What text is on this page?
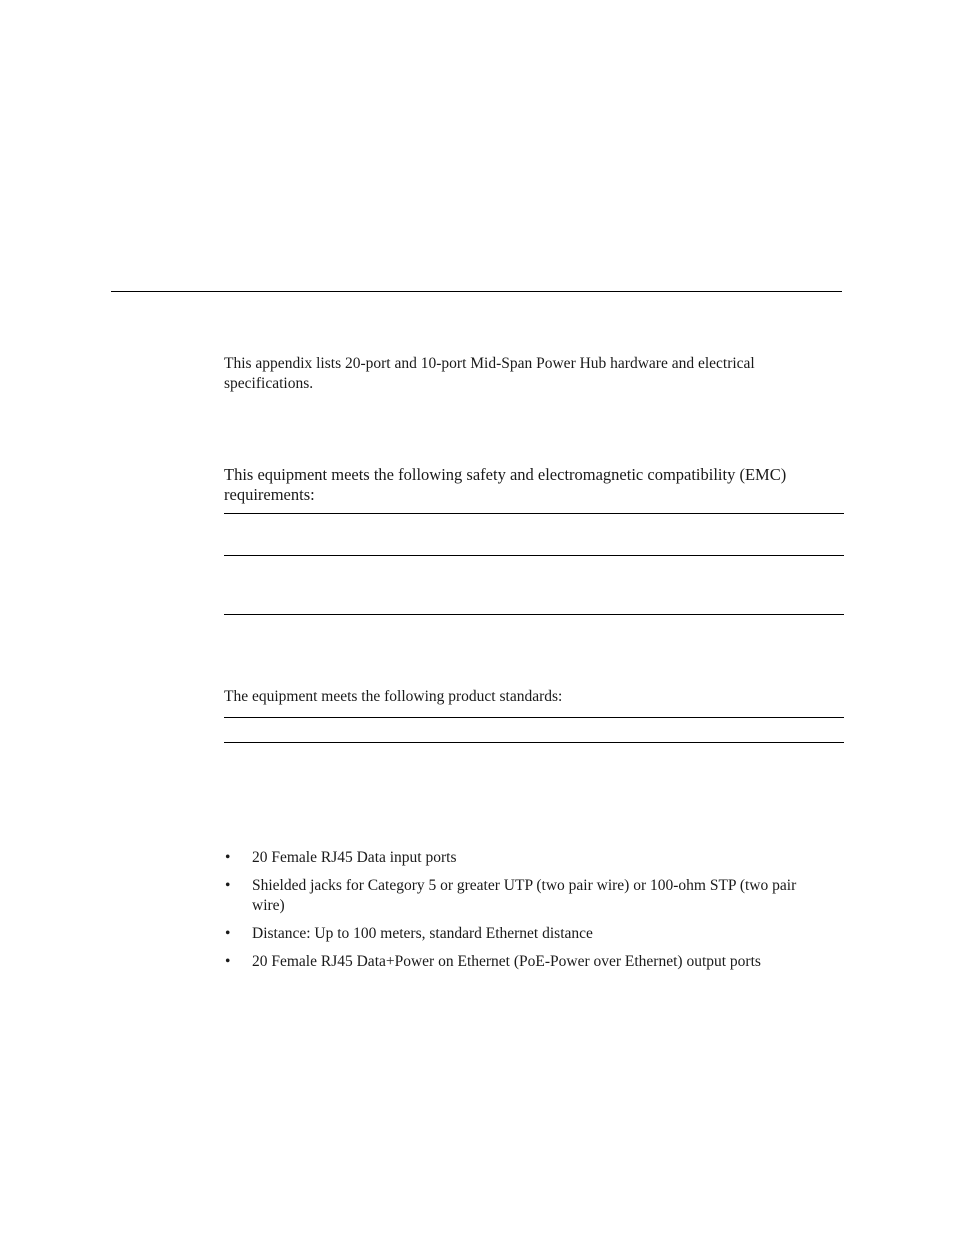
This appendix lists 20-port and 10-port Mid-Span Power Hub hardware and electrical specifications.

This equipment meets the following safety and electromagnetic compatibility (EMC) requirements:

The equipment meets the following product standards:

• 20 Female RJ45 Data input ports
• Shielded jacks for Category 5 or greater UTP (two pair wire) or 100-ohm STP (two pair wire)
• Distance: Up to 100 meters, standard Ethernet distance
• 20 Female RJ45 Data+Power on Ethernet (PoE-Power over Ethernet) output ports
